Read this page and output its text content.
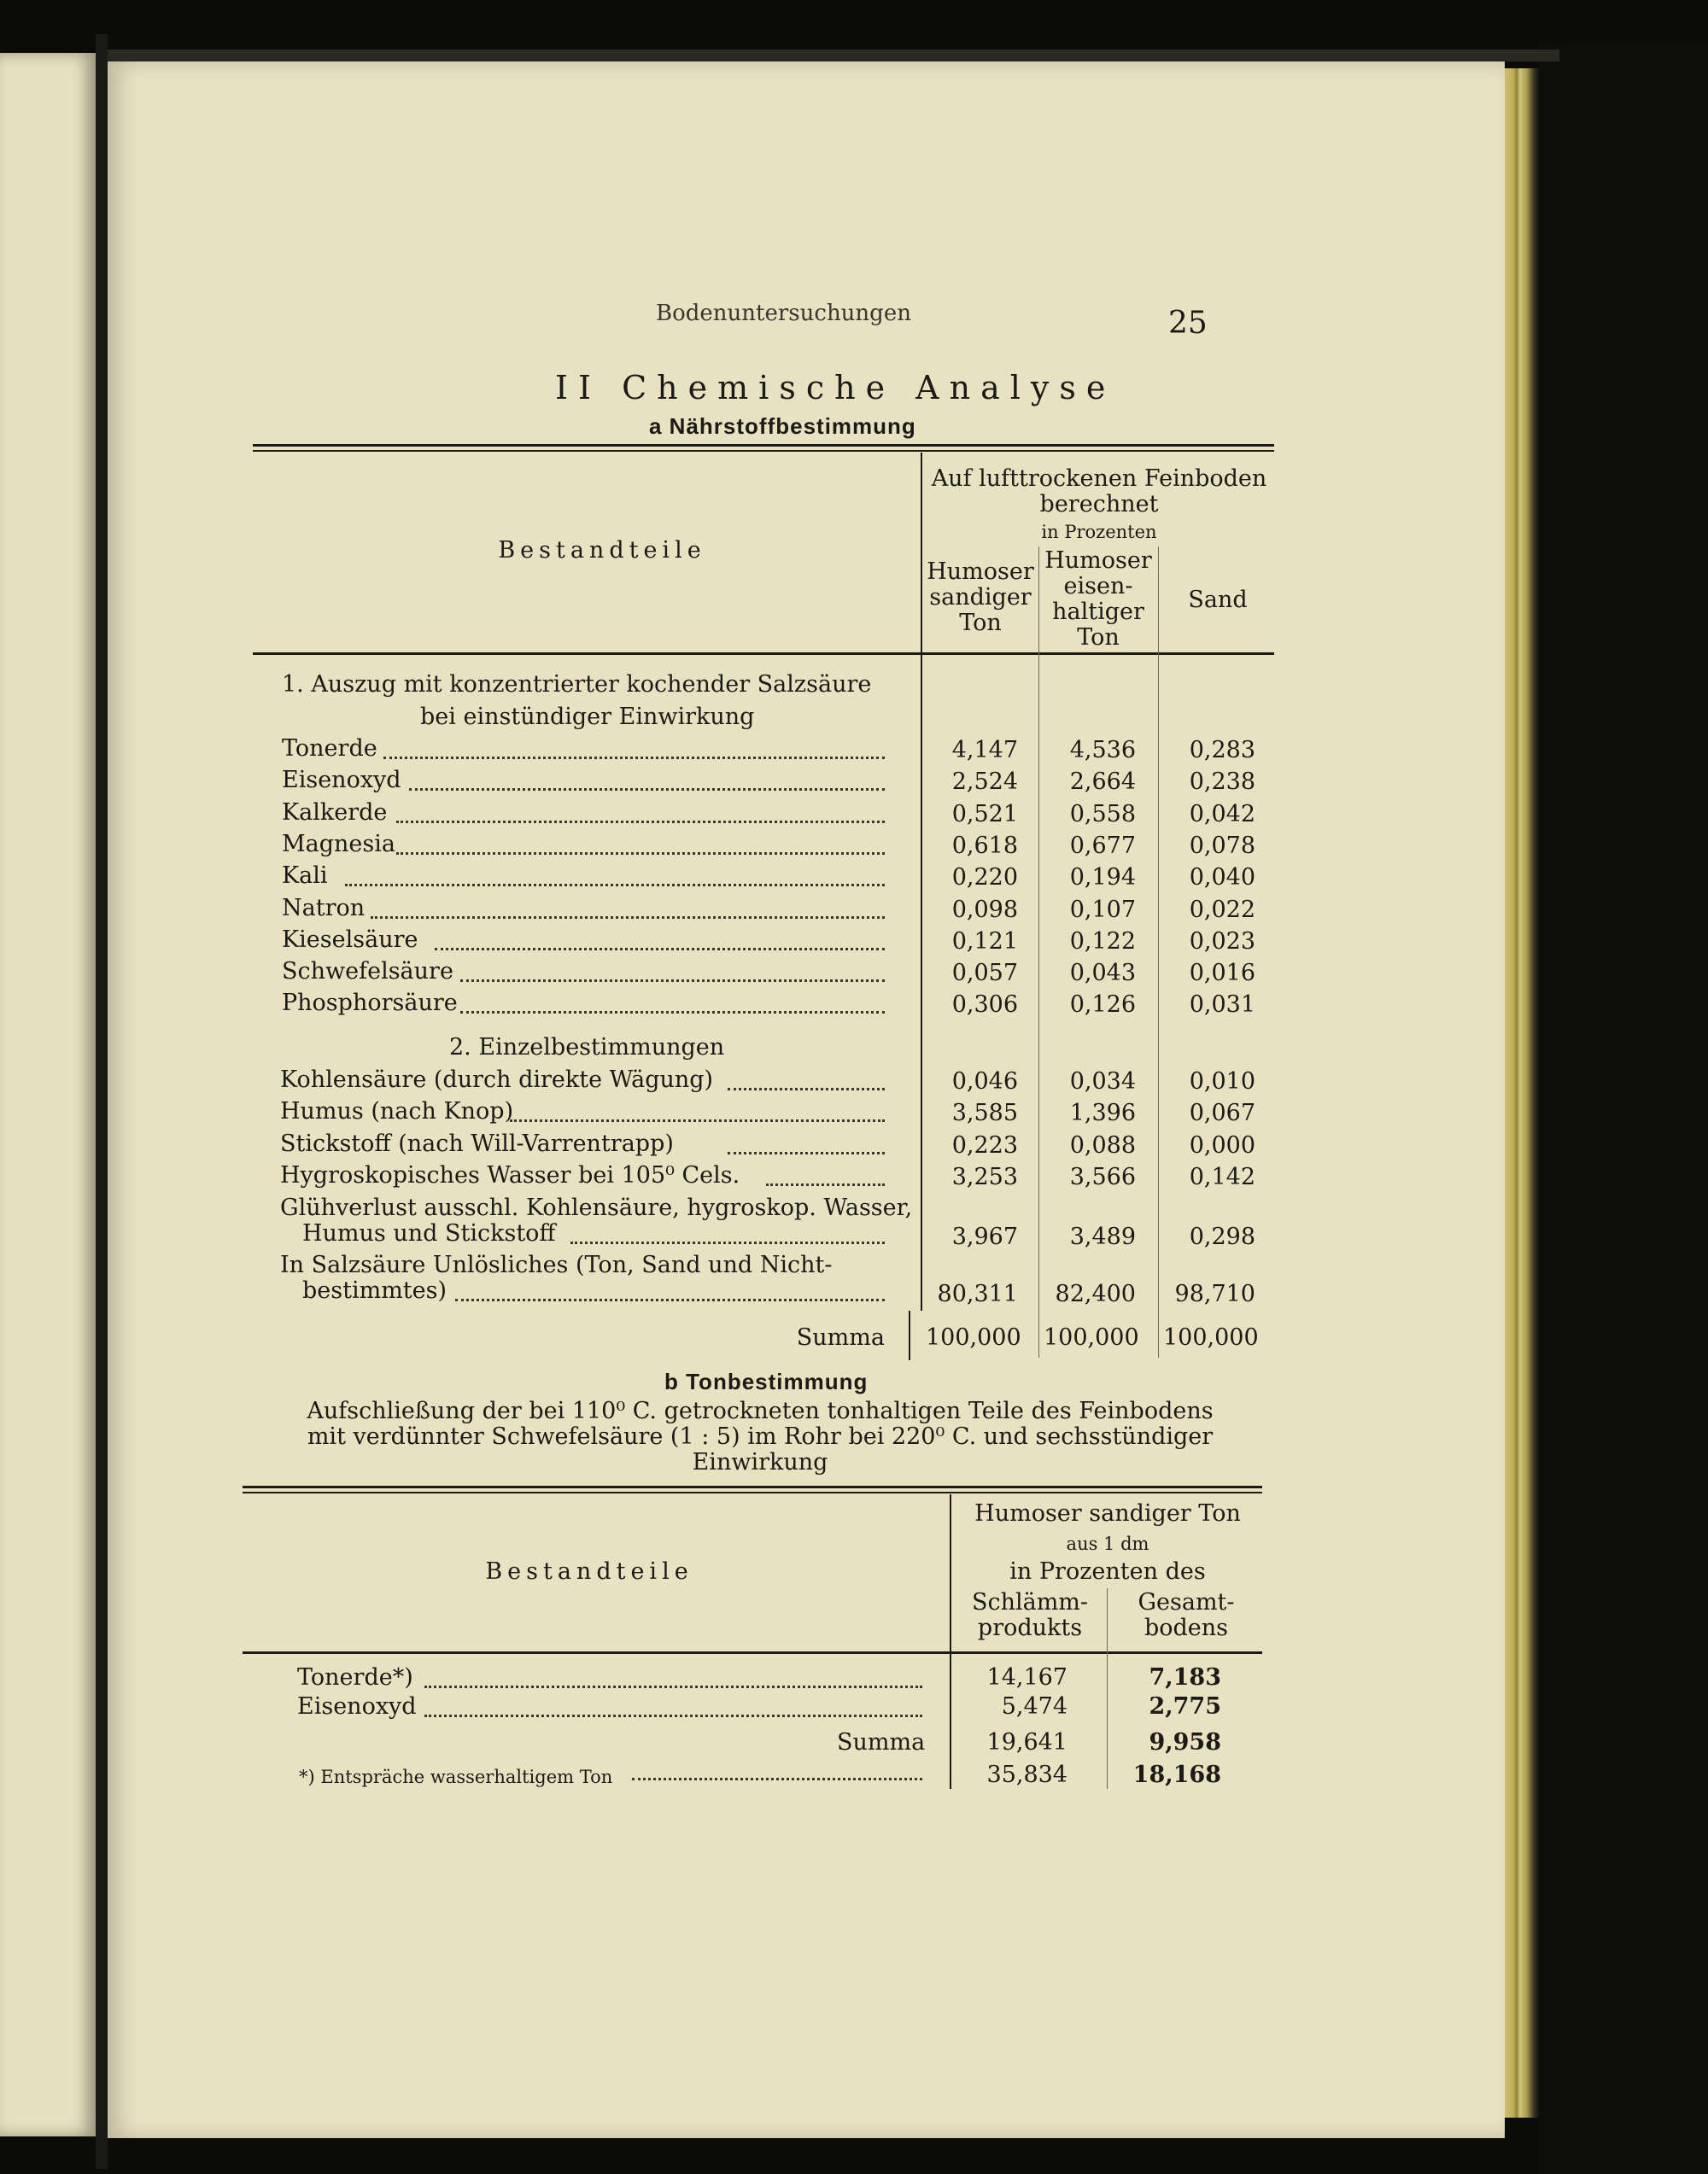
Bodenuntersuchungen	25
II Chemische Analyse
a Nährstoffbestimmung
Bestandteile
Auf lufttrockenen Feinboden
berechnet
in Prozenten
Humoser
sandiger
Ton
Humoser
eisen-
haltiger
Ton
Sand
1. Auszug mit konzentrierter kochender Salzsäure
bei einstündiger Einwirkung
Tonerde	4,147	4,536	0,283
Eisenoxyd	2,524	2,664	0,238
Kalkerde	0,521	0,558	0,042
Magnesia	0,618	0,677	0,078
Kali	0,220	0,194	0,040
Natron	0,098	0,107	0,022
Kieselsäure	0,121	0,122	0,023
Schwefelsäure	0,057	0,043	0,016
Phosphorsäure	0,306	0,126	0,031
2. Einzelbestimmungen
Kohlensäure (durch direkte Wägung)	0,046	0,034	0,010
Humus (nach Knop)	3,585	1,396	0,067
Stickstoff (nach Will-Varrentrapp)	0,223	0,088	0,000
Hygroskopisches Wasser bei 105⁰ Cels.	3,253	3,566	0,142
Glühverlust ausschl. Kohlensäure, hygroskop. Wasser,
Humus und Stickstoff	3,967	3,489	0,298
In Salzsäure Unlösliches (Ton, Sand und Nicht-
bestimmtes)	80,311	82,400	98,710
Summa 100,000 100,000 100,000
b Tonbestimmung
Aufschließung der bei 110⁰ C. getrockneten tonhaltigen Teile des Feinbodens
mit verdünnter Schwefelsäure (1 : 5) im Rohr bei 220⁰ C. und sechsstündiger
Einwirkung
Bestandteile
Humoser sandiger Ton
aus 1 dm
in Prozenten des
Schlämm-
produkts
Gesamt-
bodens
Tonerde*)	14,167	7,183
Eisenoxyd	5,474	2,775
Summa	19,641	9,958
*) Entspräche wasserhaltigem Ton	35,834	18,168
